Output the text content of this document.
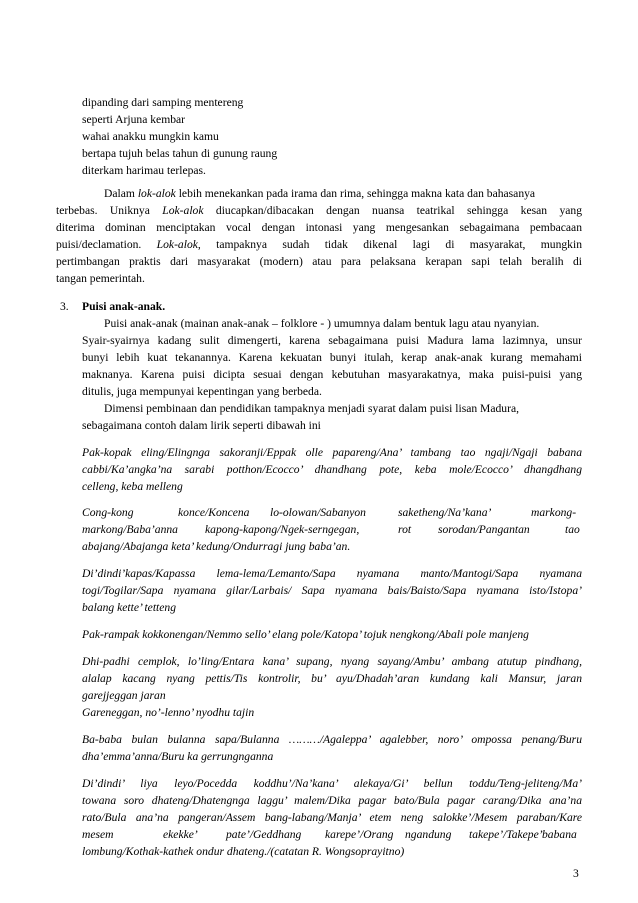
dipanding dari samping mentereng

seperti Arjuna kembar

wahai anakku mungkin kamu

bertapa tujuh belas tahun di gunung raung

diterkam harimau terlepas.

Dalam lok-alok lebih menekankan pada irama dan rima, sehingga makna kata dan bahasanya

terbebas. Uniknya Lok-alok diucapkan/dibacakan dengan nuansa teatrikal sehingga kesan yang

diterima dominan menciptakan vocal dengan intonasi yang mengesankan sebagaimana pembacaan

puisi/declamation. Lok-alok, tampaknya sudah tidak dikenal lagi di masyarakat, mungkin

pertimbangan praktis dari masyarakat (modern) atau para pelaksana kerapan sapi telah beralih di

tangan pemerintah.

3. Puisi anak-anak.

Puisi anak-anak (mainan anak-anak – folklore - ) umumnya dalam bentuk lagu atau nyanyian.

Syair-syairnya kadang sulit dimengerti, karena sebagaimana puisi Madura lama lazimnya, unsur

bunyi lebih kuat tekanannya. Karena kekuatan bunyi itulah, kerap anak-anak kurang memahami

maknanya. Karena puisi dicipta sesuai dengan kebutuhan masyarakatnya, maka puisi-puisi yang

ditulis, juga mempunyai kepentingan yang berbeda.

Dimensi pembinaan dan pendidikan tampaknya menjadi syarat dalam puisi lisan Madura,

sebagaimana contoh dalam lirik seperti dibawah ini

Pak-kopak eling/Elingnga sakoranji/Eppak olle papareng/Ana’ tambang tao ngaji/Ngaji babana

cabbi/Ka’angka’na sarabi potthon/Ecocco’ dhandhang pote, keba mole/Ecocco’ dhangdhang

celleng, keba melleng

Cong-kong	konce/Koncena lo-olowan/Sabanyon	saketheng/Na’kana’	markong-

markong/Baba’anna kapong-kapong/Ngek-serngegan,	rot sorodan/Pangantan	tao

abajang/Abajanga keta’ kedung/Ondurragi jung baba’an.

Di’dindi’kapas/Kapassa lema-lema/Lemanto/Sapa nyamana manto/Mantogi/Sapa nyamana

togi/Togilar/Sapa nyamana gilar/Larbais/ Sapa nyamana bais/Baisto/Sapa nyamana isto/Istopa’

balang kette’ tetteng

Pak-rampak kokkonengan/Nemmo sello’ elang pole/Katopa’ tojuk nengkong/Abali pole manjeng

Dhi-padhi cemplok, lo’ling/Entara kana’ supang, nyang sayang/Ambu’ ambang atutup pindhang,

alalap kacang nyang pettis/Tis kontrolir, bu’ ayu/Dhadah’aran kundang kali Mansur, jaran

garejjeggan jaran

Gareneggan, no’-lenno’ nyodhu tajin

Ba-baba bulan bulanna sapa/Bulanna ………/Agaleppa’ agalebber, noro’ ompossa penang/Buru

dha’emma’anna/Buru ka gerrungnganna

Di’dindi’ liya leyo/Pocedda koddhu’/Na’kana’ alekaya/Gi’ bellun toddu/Teng-jeliteng/Ma’

towana soro dhateng/Dhatengnga laggu’ malem/Dika pagar bato/Bula pagar carang/Dika ana’na

rato/Bula ana’na pangeran/Assem bang-labang/Manja’ etem neng salokke’/Mesem paraban/Kare

mesem	ekekke’ pate’/Geddhang karepe’/Orang ngandung takepe’/Takepe’ babana

lombung/Kothak-kathek ondur dhateng./(catatan R. Wongsoprayitno)

3
